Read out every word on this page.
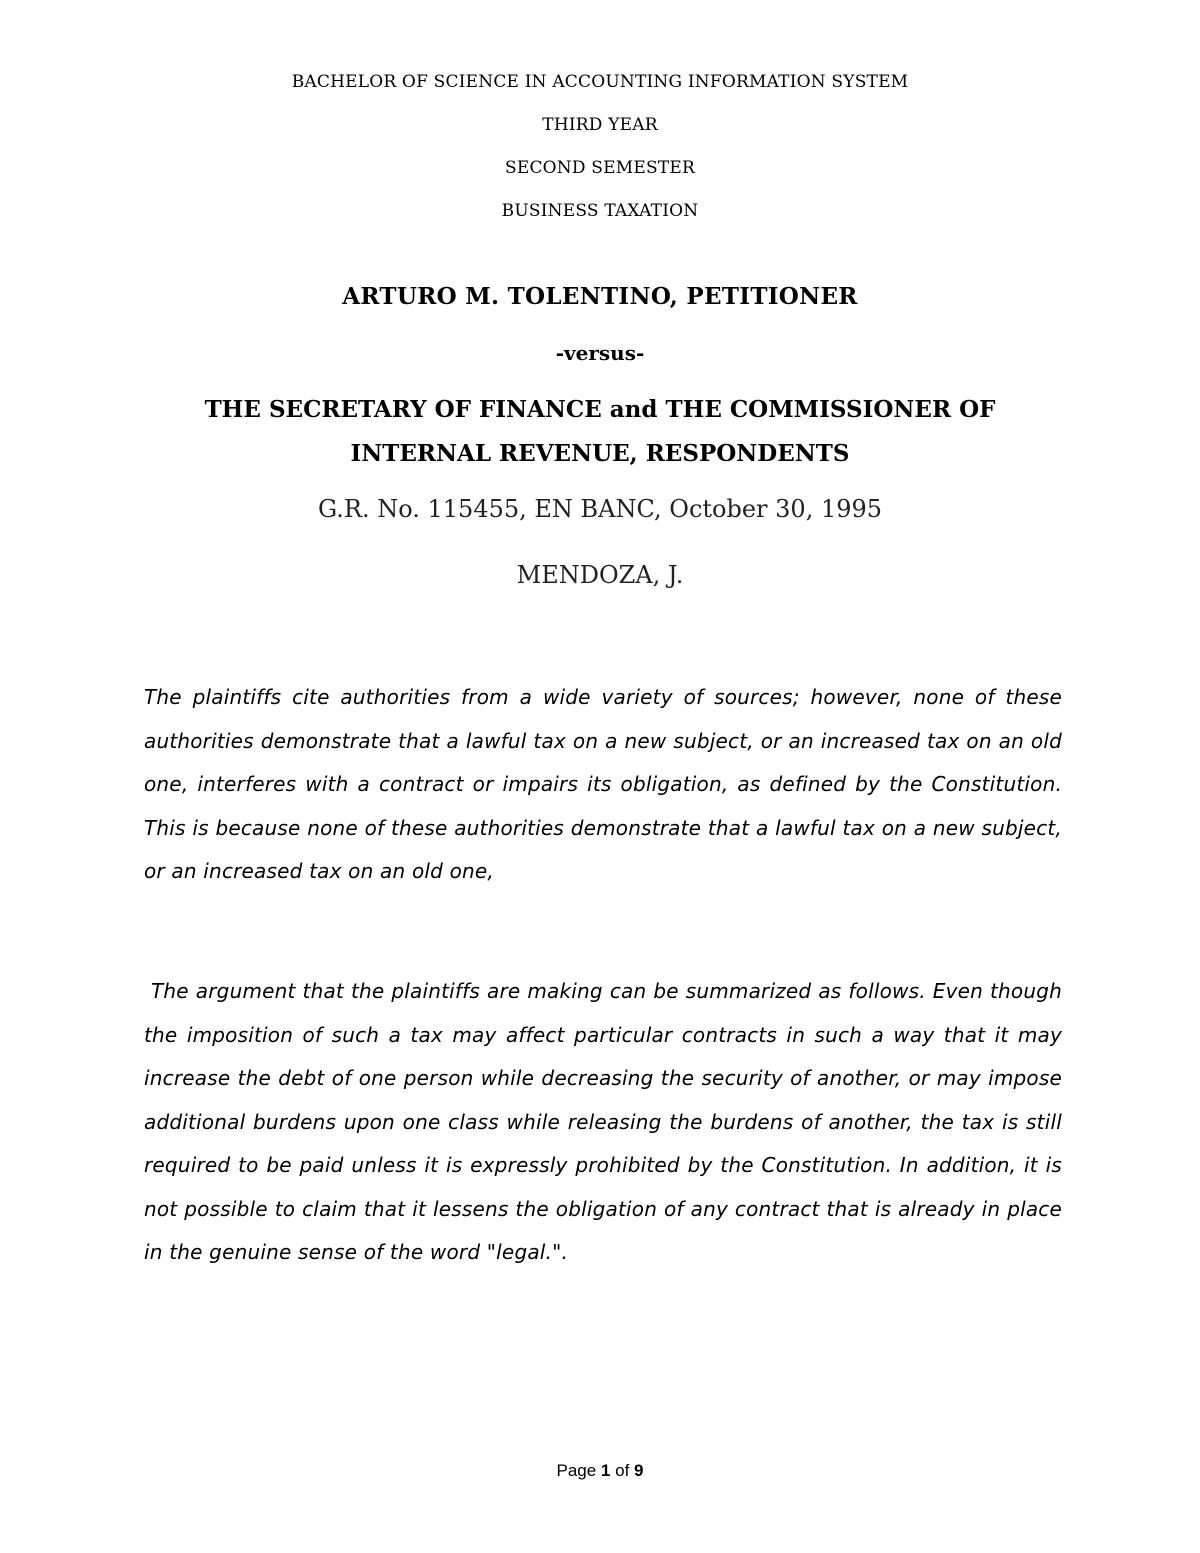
BACHELOR OF SCIENCE IN ACCOUNTING INFORMATION SYSTEM
THIRD YEAR
SECOND SEMESTER
BUSINESS TAXATION
ARTURO M. TOLENTINO, PETITIONER
-versus-
THE SECRETARY OF FINANCE and THE COMMISSIONER OF
INTERNAL REVENUE, RESPONDENTS
G.R. No. 115455, EN BANC, October 30, 1995
MENDOZA, J.
The plaintiffs cite authorities from a wide variety of sources; however, none of these authorities demonstrate that a lawful tax on a new subject, or an increased tax on an old one, interferes with a contract or impairs its obligation, as defined by the Constitution. This is because none of these authorities demonstrate that a lawful tax on a new subject, or an increased tax on an old one,
The argument that the plaintiffs are making can be summarized as follows. Even though the imposition of such a tax may affect particular contracts in such a way that it may increase the debt of one person while decreasing the security of another, or may impose additional burdens upon one class while releasing the burdens of another, the tax is still required to be paid unless it is expressly prohibited by the Constitution. In addition, it is not possible to claim that it lessens the obligation of any contract that is already in place in the genuine sense of the word "legal.".
Page 1 of 9
